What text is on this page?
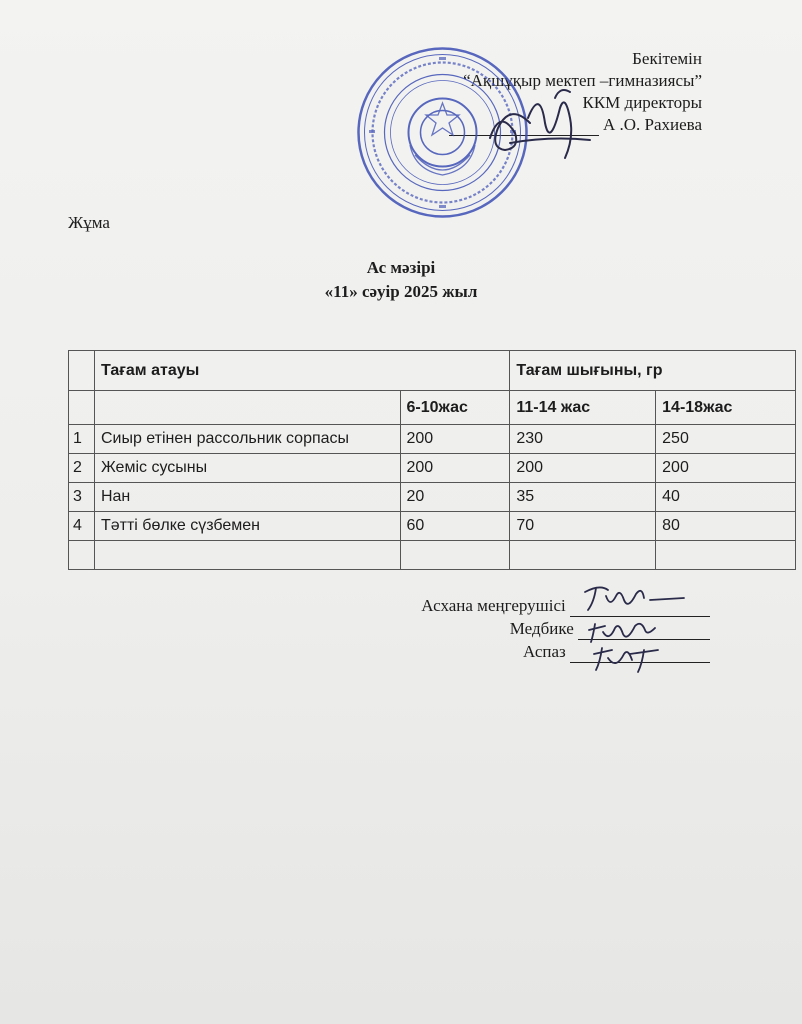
Бекітемін
“Ақшұқыр мектеп –гимназиясы”
ККМ директоры
А .О. Рахиева
Жұма
Ас мәзірі
«11» сәуір 2025 жыл
	Тағам атауы		Тағам шығыны, гр	
		6-10жас	11-14 жас	14-18жас
1	Сиыр етінен рассольник сорпасы	200	230	250
2	Жеміс сусыны	200	200	200
3	Нан	20	35	40
4	Тәтті бөлке сүзбемен	60	70	80

Асхана меңгерушісі
Медбике
Аспаз
